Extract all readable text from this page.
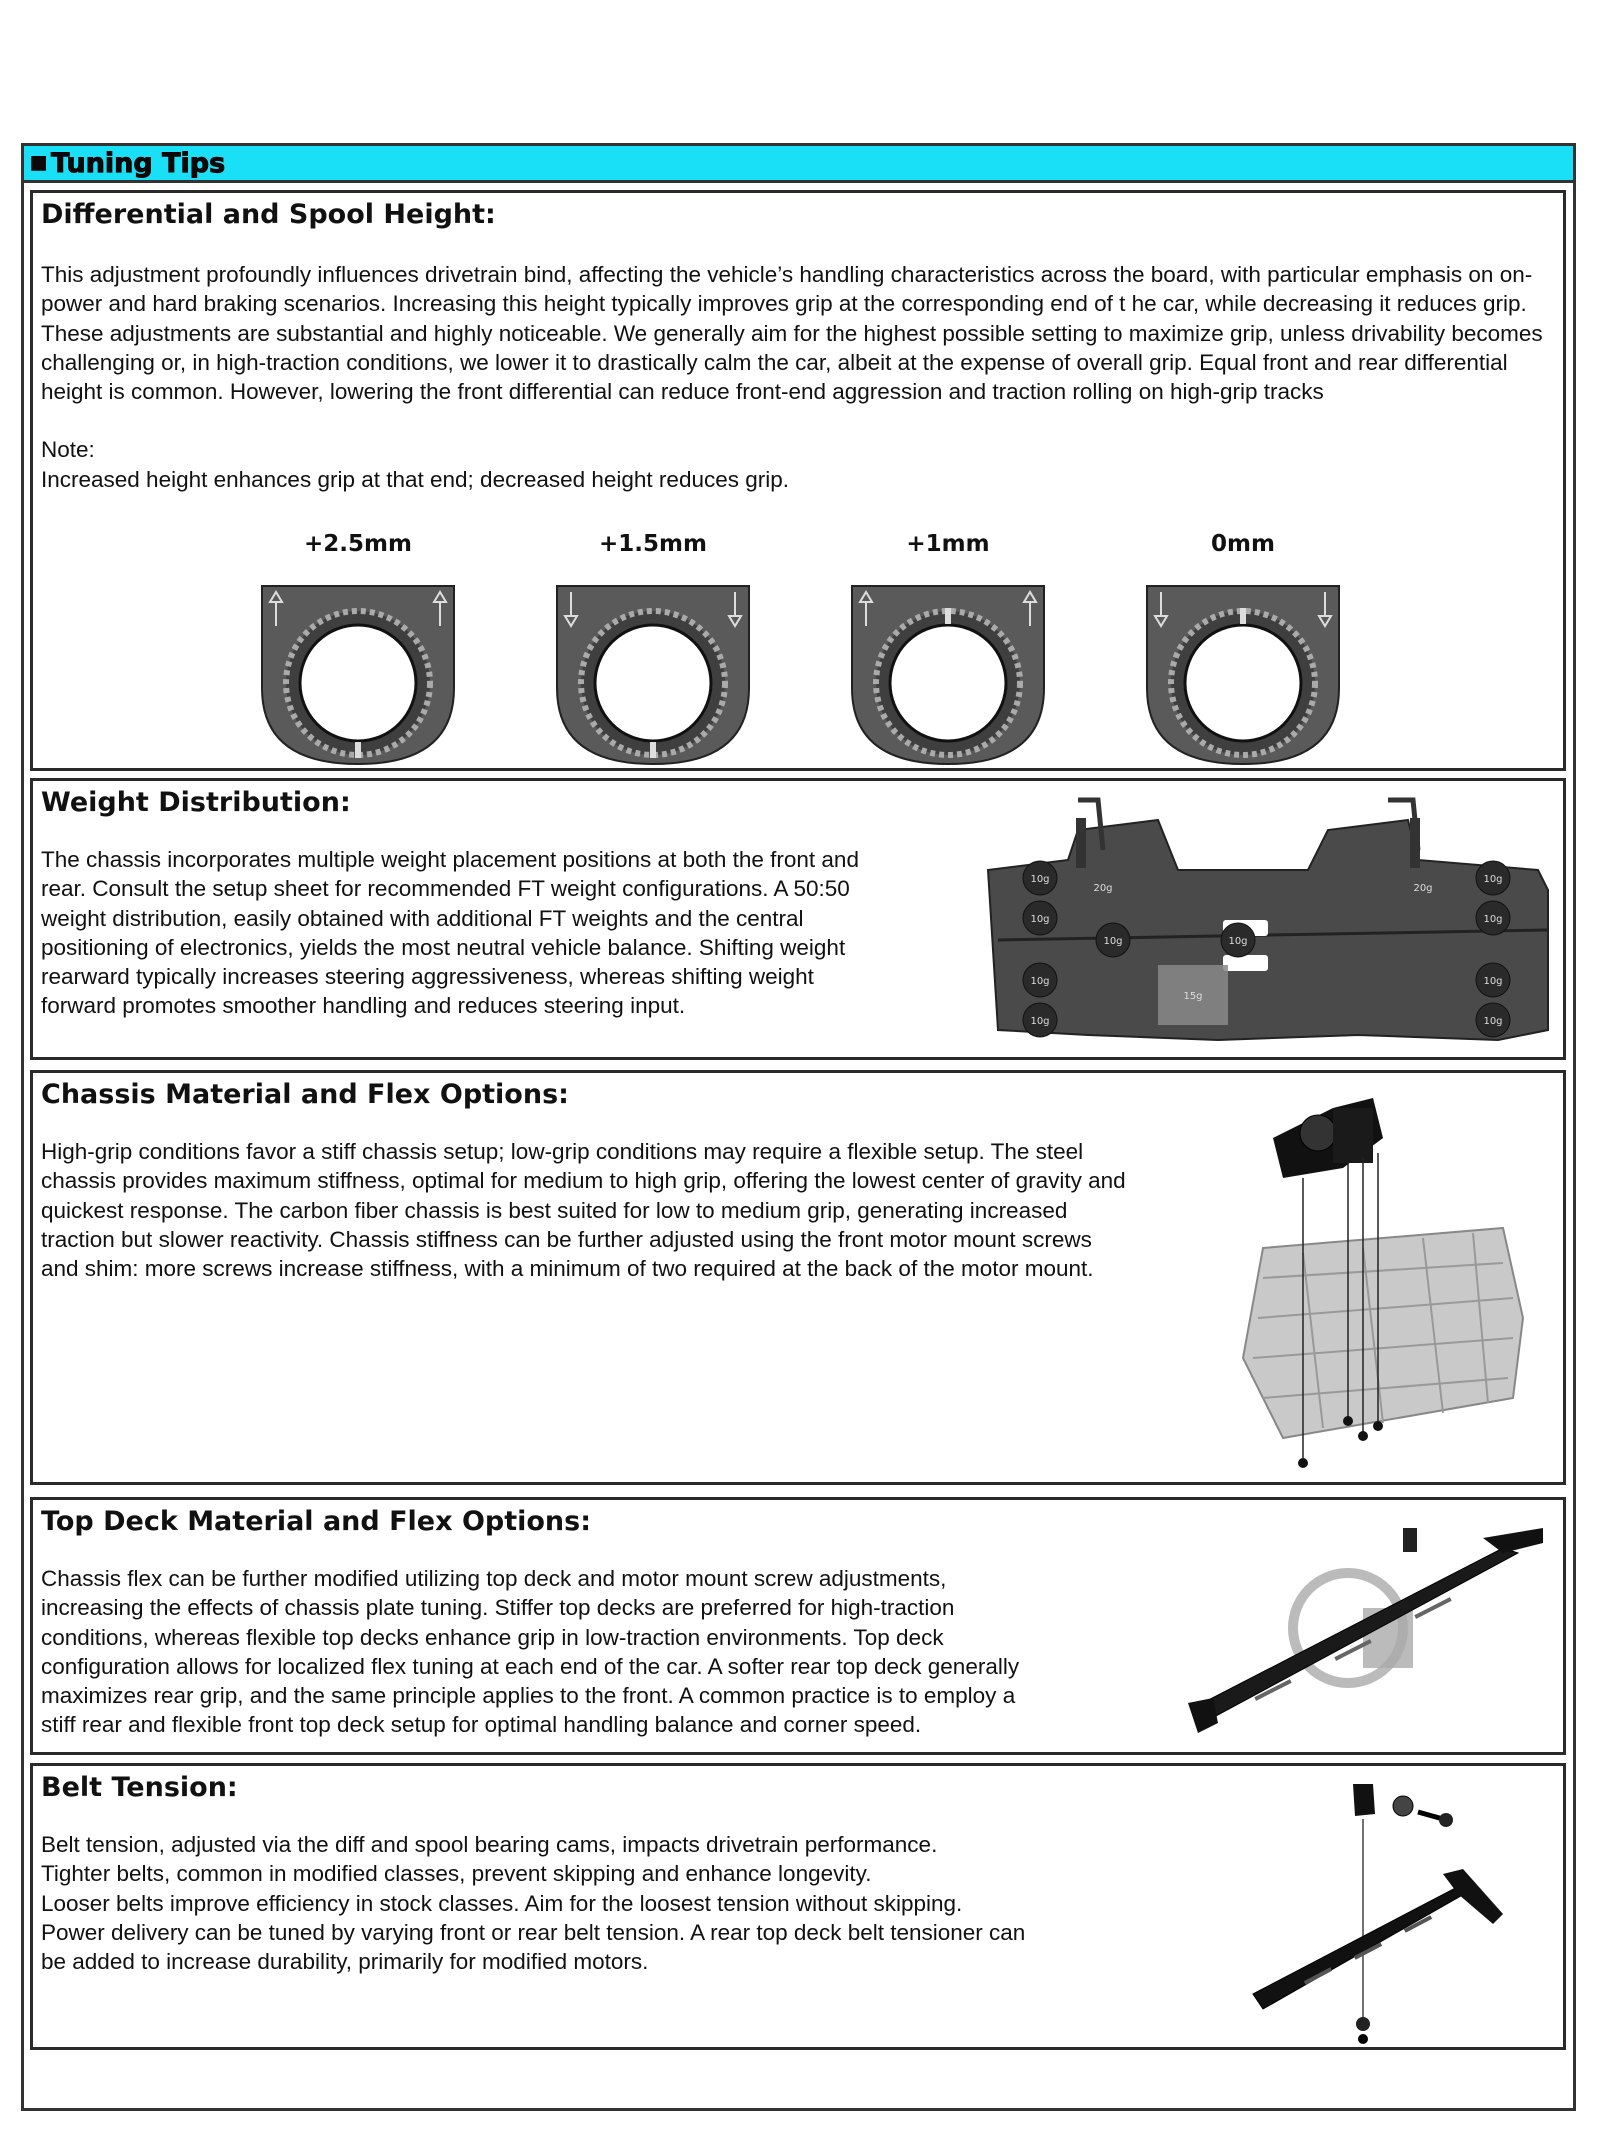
■ Tuning Tips
Differential and Spool Height:

This adjustment profoundly influences drivetrain bind, affecting the vehicle’s handling characteristics across the board, with particular emphasis on on-power and hard braking scenarios. Increasing this height typically improves grip at the corresponding end of t he car, while decreasing it reduces grip. These adjustments are substantial and highly noticeable. We generally aim for the highest possible setting to maximize grip, unless drivability becomes challenging or, in high-traction conditions, we lower it to drastically calm the car, albeit at the expense of overall grip. Equal front and rear differential height is common. However, lowering the front differential can reduce front-end aggression and traction rolling on high-grip tracks

Note:

Increased height enhances grip at that end; decreased height reduces grip.

+2.5mm	+1.5mm	+1mm	0mm
Weight Distribution:

The chassis incorporates multiple weight placement positions at both the front and

rear. Consult the setup sheet for recommended FT weight configurations. A 50:50

weight distribution, easily obtained with additional FT weights and the central

positioning of electronics, yields the most neutral vehicle balance. Shifting weight

rearward typically increases steering aggressiveness, whereas shifting weight

forward promotes smoother handling and reduces steering input.

10g
10g
10g
10g
10g
10g
10g
10g
10g	10g
20g	20g
15g
Chassis Material and Flex Options:

High-grip conditions favor a stiff chassis setup; low-grip conditions may require a flexible setup. The steel

chassis provides maximum stiffness, optimal for medium to high grip, offering the lowest center of gravity and

quickest response. The carbon fiber chassis is best suited for low to medium grip, generating increased

traction but slower reactivity. Chassis stiffness can be further adjusted using the front motor mount screws

and shim: more screws increase stiffness, with a minimum of two required at the back of the motor mount.

Top Deck Material and Flex Options:

Chassis flex can be further modified utilizing top deck and motor mount screw adjustments,

increasing the effects of chassis plate tuning. Stiffer top decks are preferred for high-traction

conditions, whereas flexible top decks enhance grip in low-traction environments. Top deck

configuration allows for localized flex tuning at each end of the car. A softer rear top deck generally

maximizes rear grip, and the same principle applies to the front. A common practice is to employ a

stiff rear and flexible front top deck setup for optimal handling balance and corner speed.

Belt Tension:

Belt tension, adjusted via the diff and spool bearing cams, impacts drivetrain performance.

Tighter belts, common in modified classes, prevent skipping and enhance longevity.

Looser belts improve efficiency in stock classes. Aim for the loosest tension without skipping.

Power delivery can be tuned by varying front or rear belt tension. A rear top deck belt tensioner can

be added to increase durability, primarily for modified motors.
